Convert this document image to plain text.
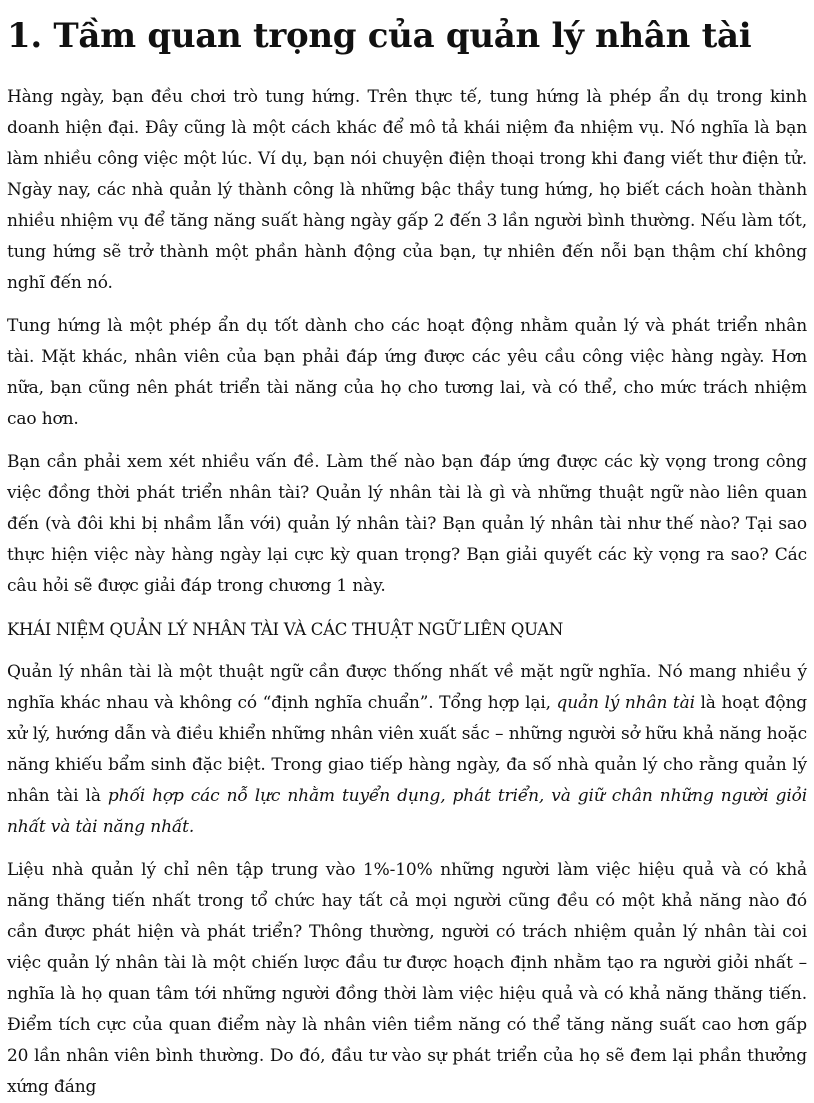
1. Tầm quan trọng của quản lý nhân tài

Hàng ngày, bạn đều chơi trò tung hứng. Trên thực tế, tung hứng là phép ẩn dụ trong kinh doanh hiện đại. Đây cũng là một cách khác để mô tả khái niệm đa nhiệm vụ. Nó nghĩa là bạn làm nhiều công việc một lúc. Ví dụ, bạn nói chuyện điện thoại trong khi đang viết thư điện tử. Ngày nay, các nhà quản lý thành công là những bậc thầy tung hứng, họ biết cách hoàn thành nhiều nhiệm vụ để tăng năng suất hàng ngày gấp 2 đến 3 lần người bình thường. Nếu làm tốt, tung hứng sẽ trở thành một phần hành động của bạn, tự nhiên đến nỗi bạn thậm chí không nghĩ đến nó.

Tung hứng là một phép ẩn dụ tốt dành cho các hoạt động nhằm quản lý và phát triển nhân tài. Mặt khác, nhân viên của bạn phải đáp ứng được các yêu cầu công việc hàng ngày. Hơn nữa, bạn cũng nên phát triển tài năng của họ cho tương lai, và có thể, cho mức trách nhiệm cao hơn.

Bạn cần phải xem xét nhiều vấn đề. Làm thế nào bạn đáp ứng được các kỳ vọng trong công việc đồng thời phát triển nhân tài? Quản lý nhân tài là gì và những thuật ngữ nào liên quan đến (và đôi khi bị nhầm lẫn với) quản lý nhân tài? Bạn quản lý nhân tài như thế nào? Tại sao thực hiện việc này hàng ngày lại cực kỳ quan trọng? Bạn giải quyết các kỳ vọng ra sao? Các câu hỏi sẽ được giải đáp trong chương 1 này.

KHÁI NIỆM QUẢN LÝ NHÂN TÀI VÀ CÁC THUẬT NGỮ LIÊN QUAN

Quản lý nhân tài là một thuật ngữ cần được thống nhất về mặt ngữ nghĩa. Nó mang nhiều ý nghĩa khác nhau và không có “định nghĩa chuẩn”. Tổng hợp lại, quản lý nhân tài là hoạt động xử lý, hướng dẫn và điều khiển những nhân viên xuất sắc – những người sở hữu khả năng hoặc năng khiếu bẩm sinh đặc biệt. Trong giao tiếp hàng ngày, đa số nhà quản lý cho rằng quản lý nhân tài là phối hợp các nỗ lực nhằm tuyển dụng, phát triển, và giữ chân những người giỏi nhất và tài năng nhất.

Liệu nhà quản lý chỉ nên tập trung vào 1%-10% những người làm việc hiệu quả và có khả năng thăng tiến nhất trong tổ chức hay tất cả mọi người cũng đều có một khả năng nào đó cần được phát hiện và phát triển? Thông thường, người có trách nhiệm quản lý nhân tài coi việc quản lý nhân tài là một chiến lược đầu tư được hoạch định nhằm tạo ra người giỏi nhất – nghĩa là họ quan tâm tới những người đồng thời làm việc hiệu quả và có khả năng thăng tiến. Điểm tích cực của quan điểm này là nhân viên tiềm năng có thể tăng năng suất cao hơn gấp 20 lần nhân viên bình thường. Do đó, đầu tư vào sự phát triển của họ sẽ đem lại phần thưởng xứng đáng
